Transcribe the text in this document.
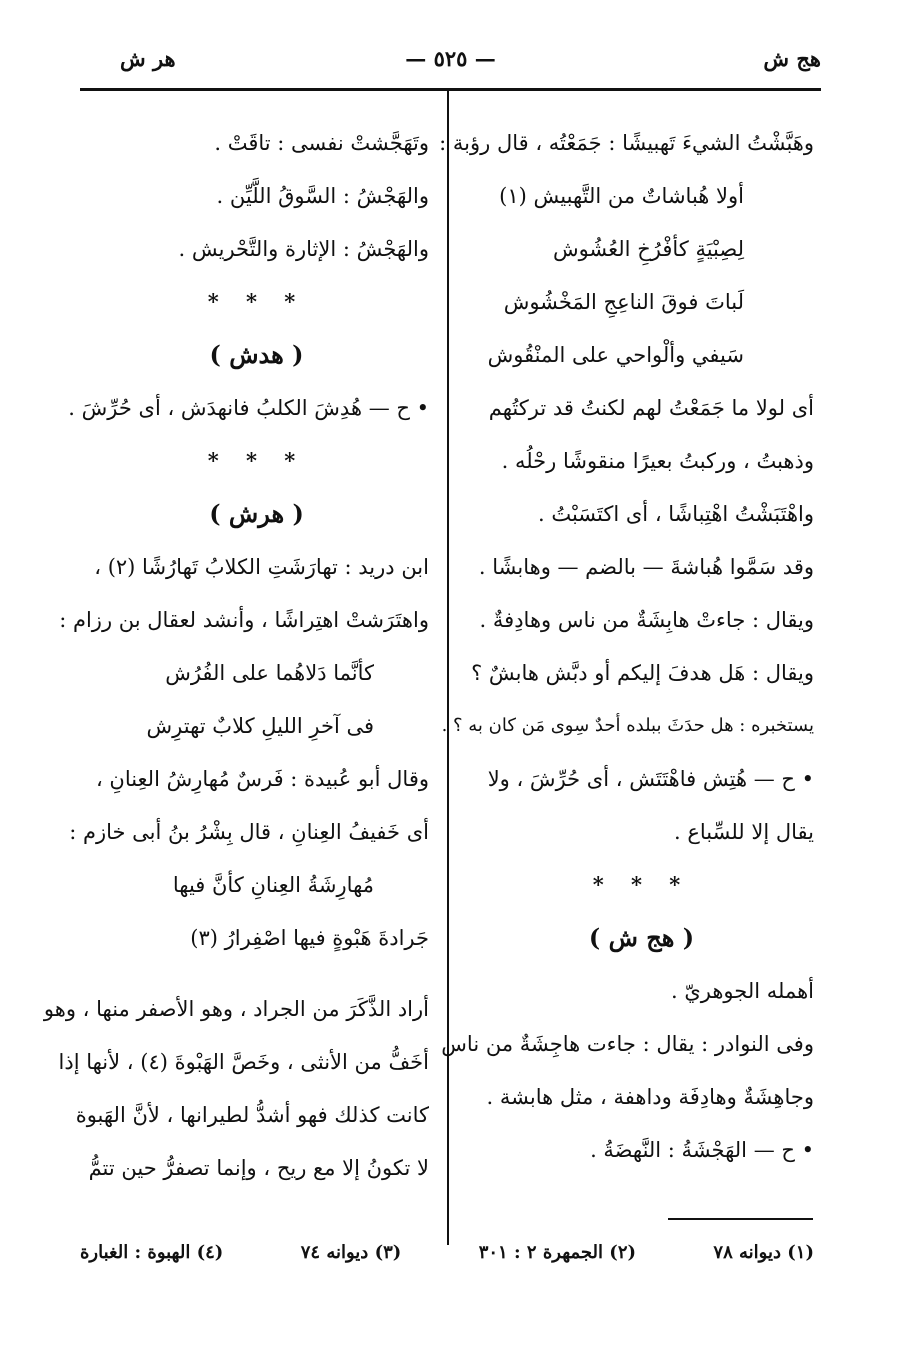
هج ش
— ٥٢٥ —
هر ش
وهَبَّشْتُ الشيءَ تَهبيشًا : جَمَعْتُه ، قال رؤبة :
أولا هُباشاتٌ من التَّهبيش (١)
لِصِبْيَةٍ كأفْرُخِ العُشُوش
لَباتَ فوقَ الناعِجِ المَخْشُوش
سَيفي وألْواحي على المنْقُوش
أى لولا ما جَمَعْتُ لهم لكنتُ قد تركتُهم
وذهبتُ ، وركبتُ بعيرًا منقوشًا رحْلُه .
واهْتَبَشْتُ اهْتِباشًا ، أى اكتَسَبْتُ .
وقد سَمَّوا هُباشةَ — بالضم — وهابشًا .
ويقال : جاءتْ هابِشَةٌ من ناس وهادِفةٌ .
ويقال : هَل هدفَ إليكم أو دبَّش هابشٌ ؟
يستخبره : هل حدَثَ ببلده أحدٌ سِوى مَن كان به ؟ .
• ح — هُتِش فاهْتَتَش ، أى حُرِّشَ ، ولا
يقال إلا للسِّباع .
* * *
( هج ش )
أهمله الجوهريّ .
وفى النوادر : يقال : جاءت هاجِشَةٌ من ناس
وجاهِشَةٌ وهادِفَة وداهفة ، مثل هابشة .
• ح — الهَجْشَةُ : النَّهضَةُ .
وتَهَجَّشتْ نفسى : تاقَتْ .
والهَجْشُ : السَّوقُ اللَّيِّن .
والهَجْشُ : الإثارة والتَّحْريش .
* * *
( هدش )
• ح — هُدِشَ الكلبُ فانهدَش ، أى حُرِّشَ .
* * *
( هرش )
ابن دريد : تهارَشَتِ الكلابُ تَهارُشًا (٢) ،
واهتَرَشتْ اهتِراشًا ، وأنشد لعقال بن رزام :
كأنَّما دَلاهُما على الفُرُش
فى آخرِ الليلِ كلابٌ تهترِش
وقال أبو عُبيدة : فَرسٌ مُهارِشُ العِنانِ ،
أى خَفيفُ العِنانِ ، قال بِشْرُ بنُ أبى خازم :
مُهارِشَةُ العِنانِ كأنَّ فيها
جَرادةَ هَبْوةٍ فيها اصْفِرارُ (٣)
أراد الذَّكَرَ من الجراد ، وهو الأصفر منها ، وهو
أخَفُّ من الأنثى ، وخَصَّ الهَبْوةَ (٤) ، لأنها إذا
كانت كذلك فهو أشدُّ لطيرانها ، لأنَّ الهَبوة
لا تكونُ إلا مع ريح ، وإنما تصفرُّ حين تتمُّ
(١) ديوانه ٧٨
(٢) الجمهرة ٢ : ٣٠١
(٣) ديوانه ٧٤
(٤) الهبوة : الغبارة
